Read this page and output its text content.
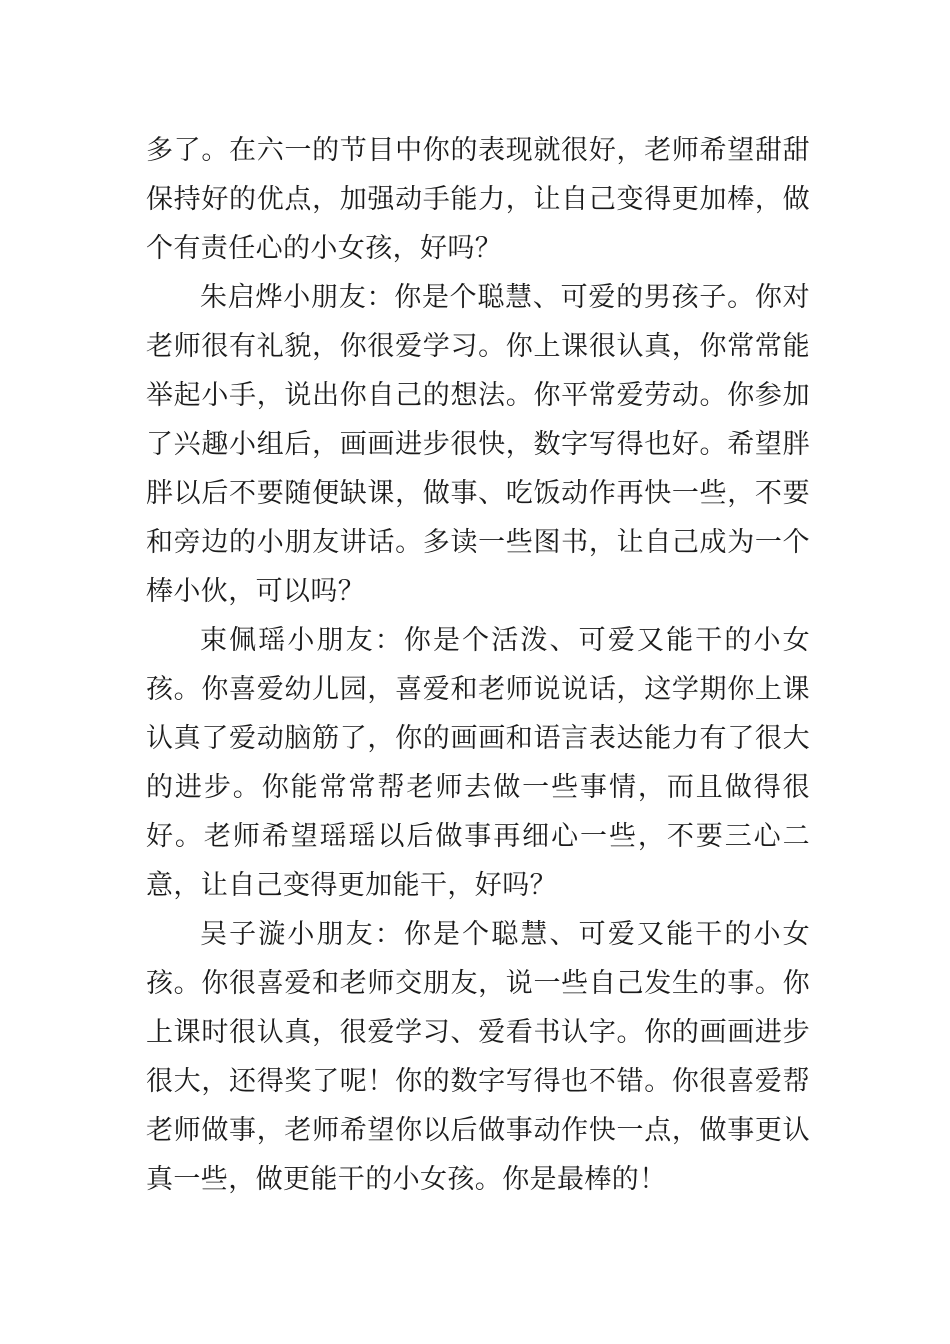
多了。在六一的节目中你的表现就很好，老师希望甜甜保持好的优点，加强动手能力，让自己变得更加棒，做个有责任心的小女孩，好吗？

朱启烨小朋友：你是个聪慧、可爱的男孩子。你对老师很有礼貌，你很爱学习。你上课很认真，你常常能举起小手，说出你自己的想法。你平常爱劳动。你参加了兴趣小组后，画画进步很快，数字写得也好。希望胖胖以后不要随便缺课，做事、吃饭动作再快一些，不要和旁边的小朋友讲话。多读一些图书，让自己成为一个棒小伙，可以吗？

束佩瑶小朋友：你是个活泼、可爱又能干的小女孩。你喜爱幼儿园，喜爱和老师说说话，这学期你上课认真了爱动脑筋了，你的画画和语言表达能力有了很大的进步。你能常常帮老师去做一些事情，而且做得很好。老师希望瑶瑶以后做事再细心一些，不要三心二意，让自己变得更加能干，好吗？

吴子漩小朋友：你是个聪慧、可爱又能干的小女孩。你很喜爱和老师交朋友，说一些自己发生的事。你上课时很认真，很爱学习、爱看书认字。你的画画进步很大，还得奖了呢！你的数字写得也不错。你很喜爱帮老师做事，老师希望你以后做事动作快一点，做事更认真一些，做更能干的小女孩。你是最棒的！
